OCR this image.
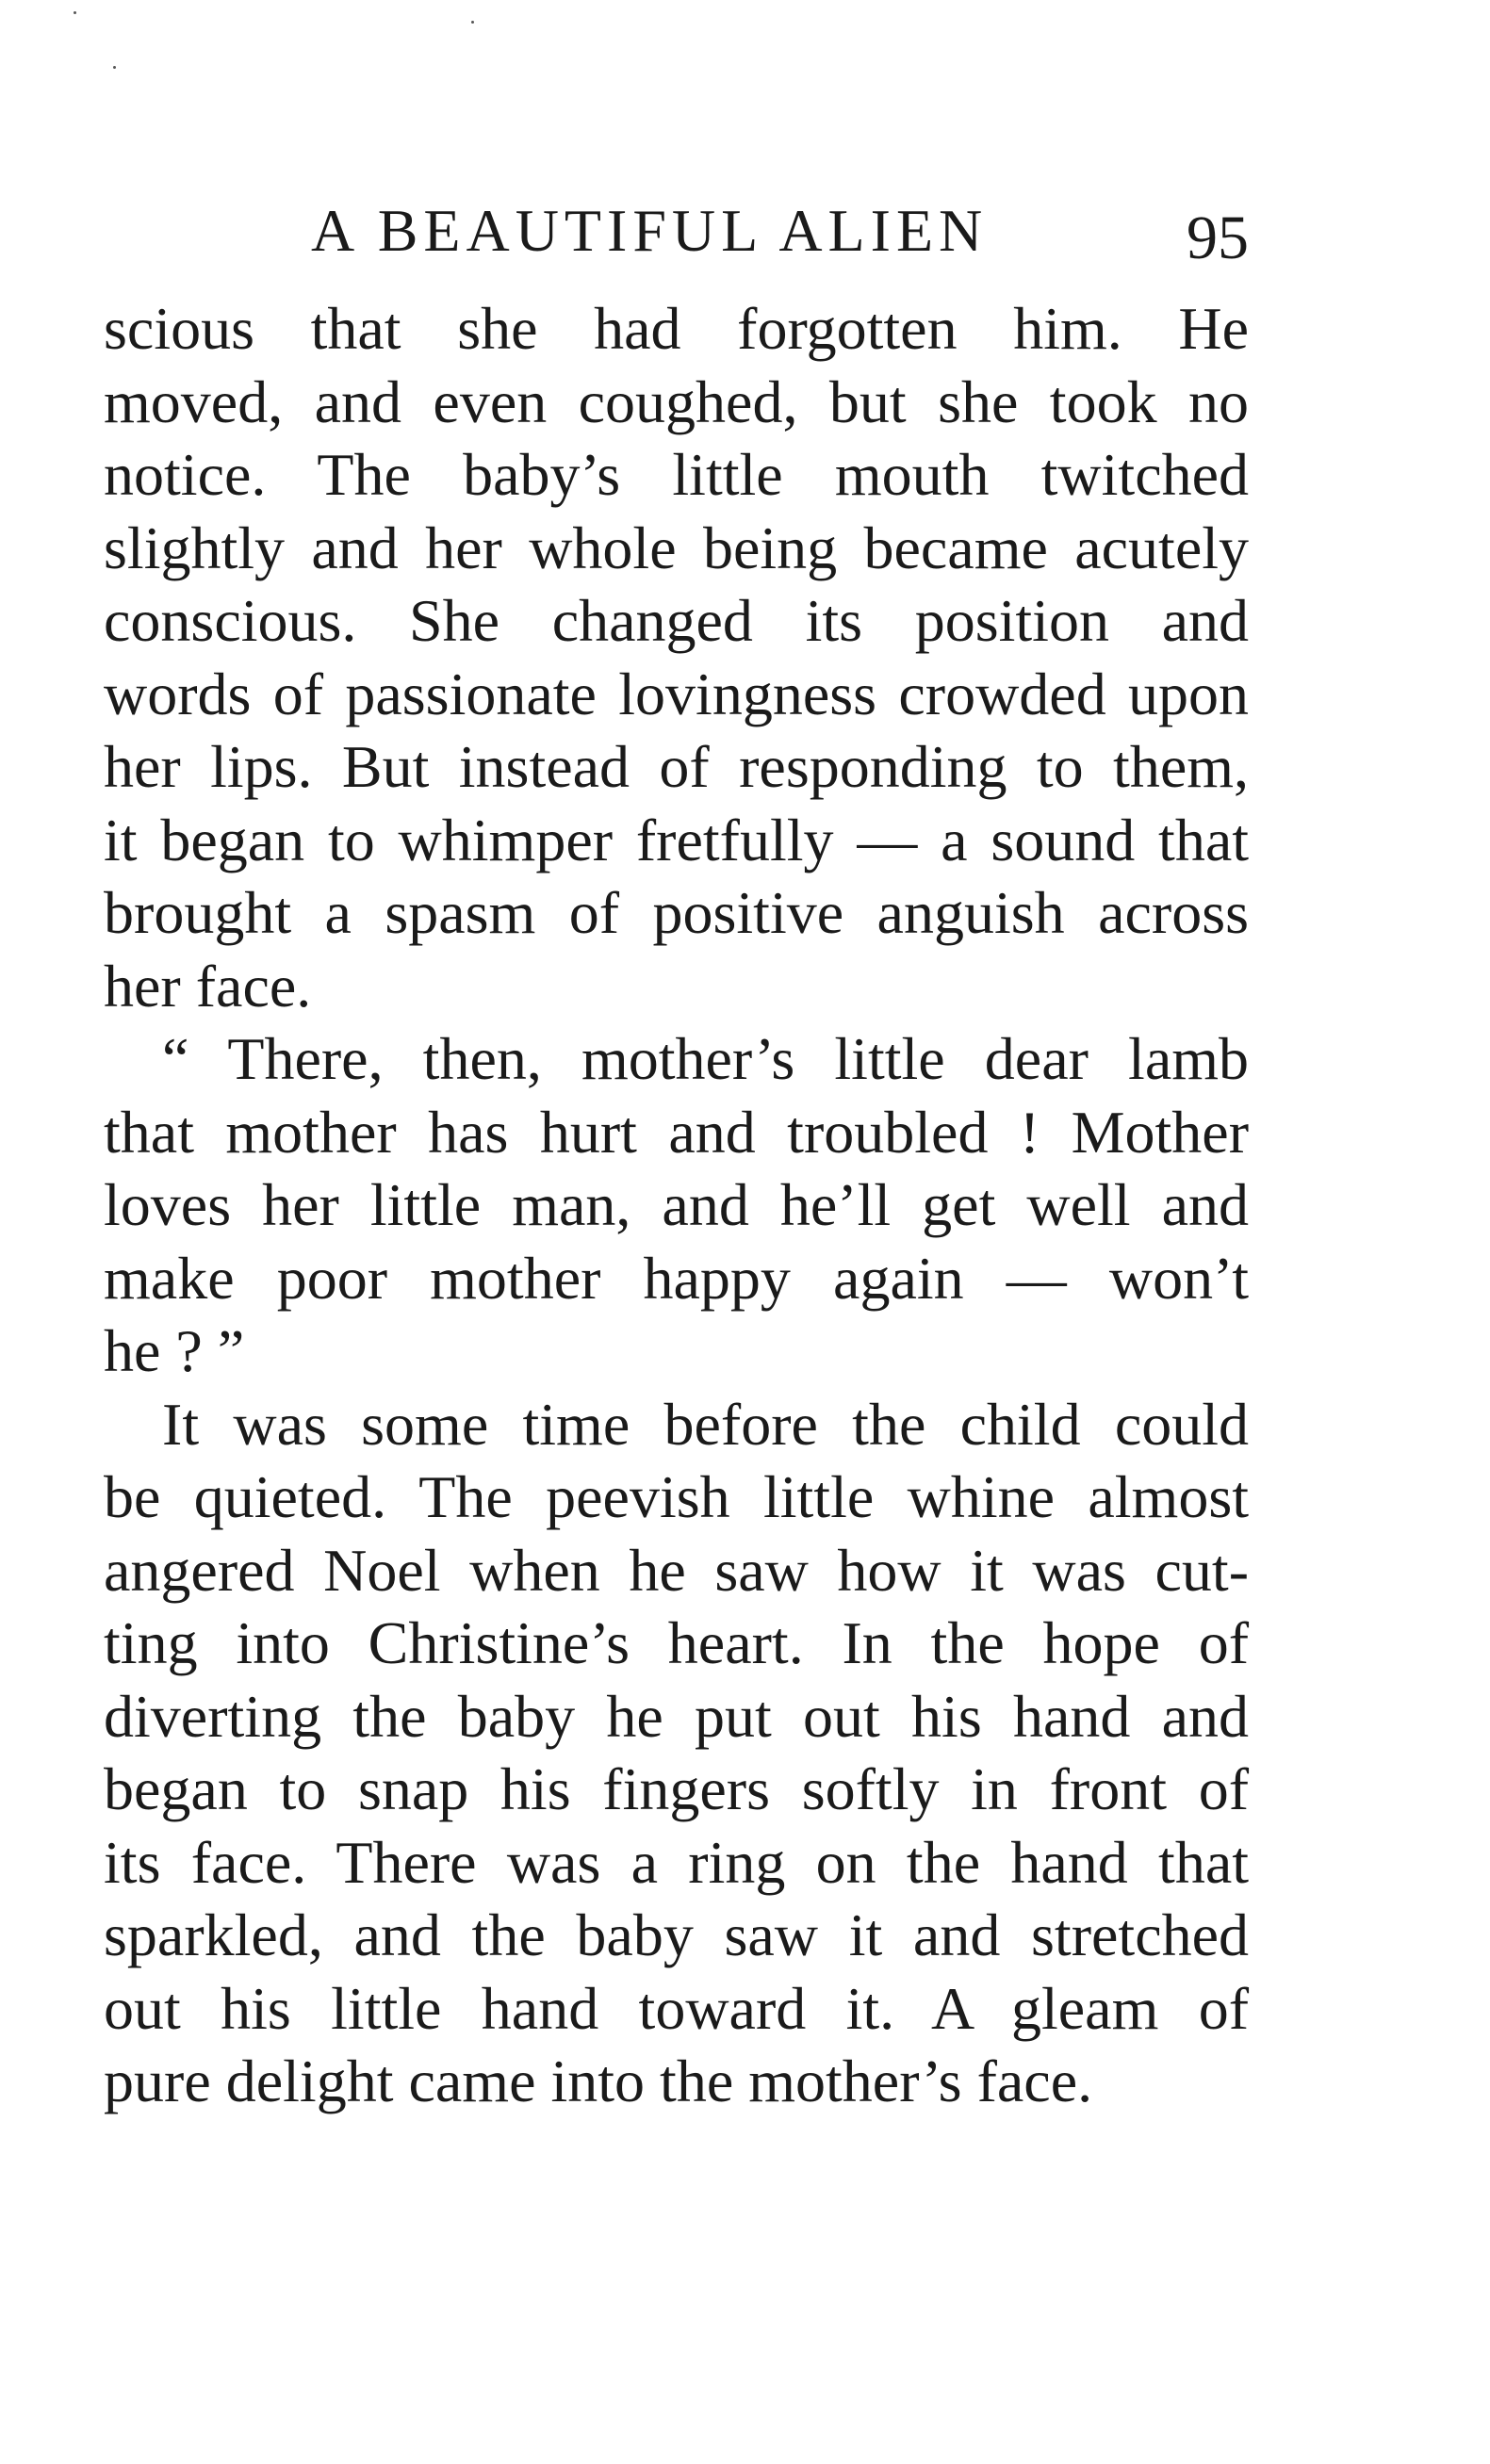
A BEAUTIFUL ALIEN	95
scious that she had forgotten him. He
moved, and even coughed, but she took no
notice. The baby’s little mouth twitched
slightly and her whole being became acutely
conscious. She changed its position and
words of passionate lovingness crowded upon
her lips. But instead of responding to them,
it began to whimper fretfully — a sound that
brought a spasm of positive anguish across
her face.
“ There, then, mother’s little dear lamb
that mother has hurt and troubled ! Mother
loves her little man, and he’ll get well and
make poor mother happy again — won’t
he ? ”
It was some time before the child could
be quieted. The peevish little whine almost
angered Noel when he saw how it was cut-
ting into Christine’s heart. In the hope of
diverting the baby he put out his hand and
began to snap his fingers softly in front of
its face. There was a ring on the hand that
sparkled, and the baby saw it and stretched
out his little hand toward it. A gleam of
pure delight came into the mother’s face.
